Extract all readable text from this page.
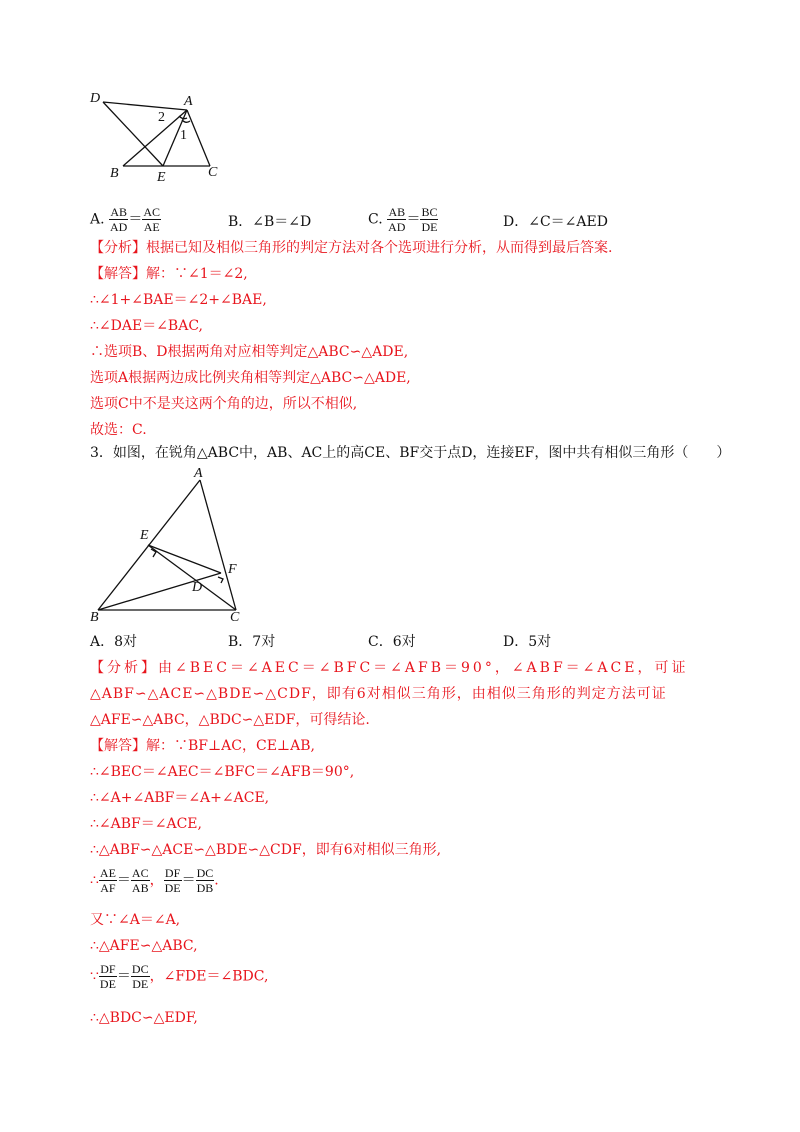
D	A
2
1
B	E	C
A. $\frac{AB}{AD} = \frac{AC}{AE}$	B．∠B＝∠D	C. $\frac{AB}{AD} = \frac{BC}{DE}$	D．∠C＝∠AED
【分析】根据已知及相似三角形的判定方法对各个选项进行分析，从而得到最后答案.
【解答】解：∵∠1＝∠2,
∴∠1+∠BAE＝∠2+∠BAE,
∴∠DAE＝∠BAC,
∴选项B、D根据两角对应相等判定△ABC∽△ADE,
选项A根据两边成比例夹角相等判定△ABC∽△ADE,
选项C中不是夹这两个角的边，所以不相似,
故选：C.
3．如图，在锐角△ABC中，AB、AC上的高CE、BF交于点D，连接EF，图中共有相似三角形（　　）
A
E
F
D
B	C
A．8对	B．7对	C．6对	D．5对
【分析】由∠BEC＝∠AEC＝∠BFC＝∠AFB＝90°，∠ABF＝∠ACE，可证
△ABF∽△ACE∽△BDE∽△CDF，即有6对相似三角形，由相似三角形的判定方法可证
△AFE∽△ABC，△BDC∽△EDF，可得结论.
【解答】解：∵BF⊥AC，CE⊥AB,
∴∠BEC＝∠AEC＝∠BFC＝∠AFB＝90°,
∴∠A+∠ABF＝∠A+∠ACE,
∴∠ABF＝∠ACE,
∴△ABF∽△ACE∽△BDE∽△CDF，即有6对相似三角形,
∴ $\frac{AE}{AF} = \frac{AC}{AB}$ ， $\frac{DF}{DE} = \frac{DC}{DB}$ .
又∵∠A＝∠A,
∴△AFE∽△ABC,
∵ $\frac{DF}{DE} = \frac{DC}{DE}$ ，∠FDE＝∠BDC,
∴△BDC∽△EDF,
